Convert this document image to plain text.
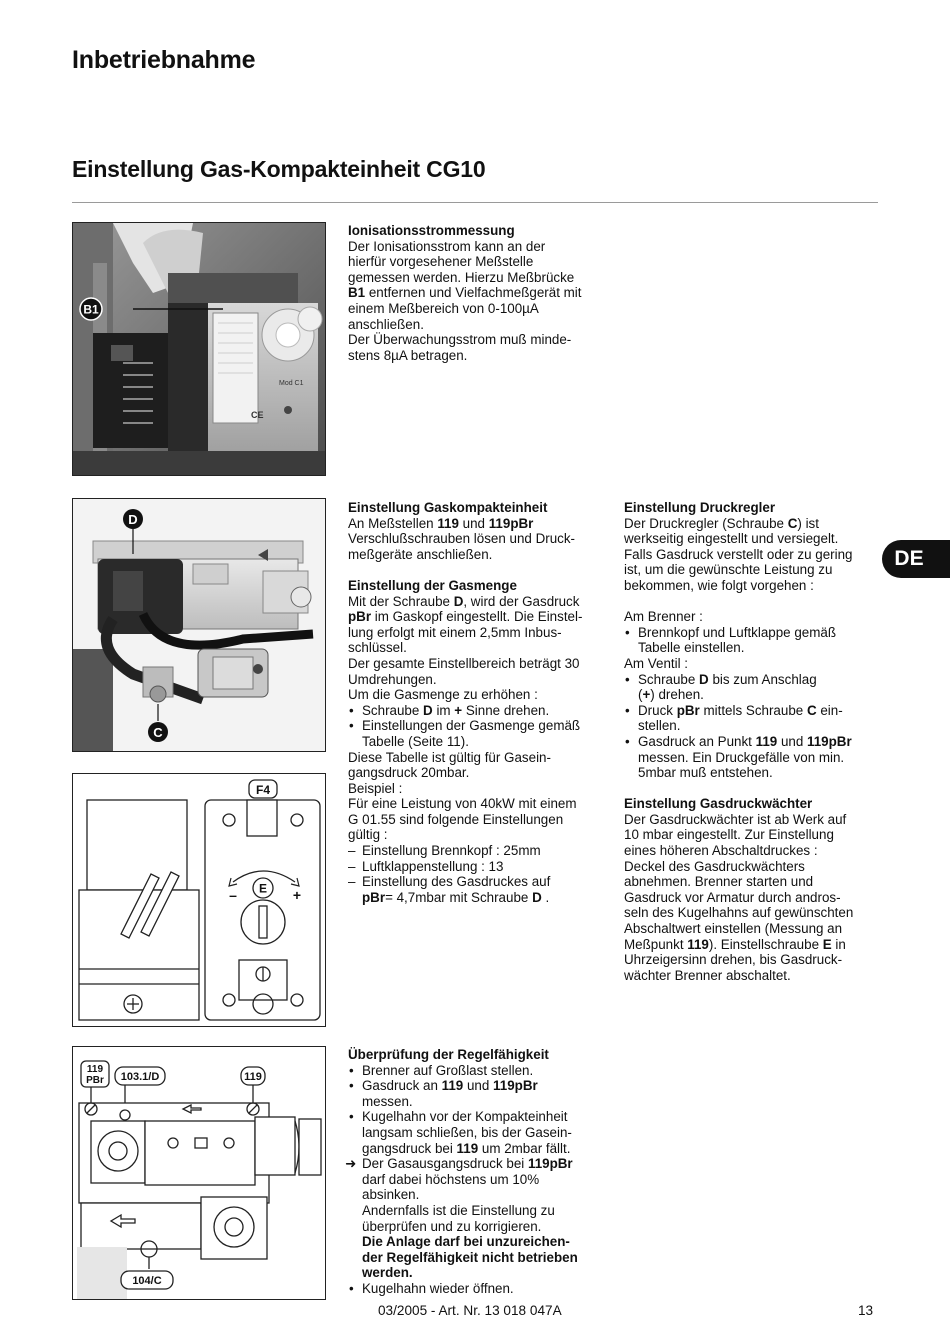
Inbetriebnahme
Einstellung Gas-Kompakteinheit CG10
Mod C1
CE
B1

Ionisationsstrommessung

Der Ionisationsstrom kann an der

hierfür vorgesehener Meßstelle

gemessen werden. Hierzu Meßbrücke

B1 entfernen und Vielfachmeßgerät mit

einem Meßbereich von 0-100µA

anschließen.

Der Überwachungsstrom muß minde-

stens 8µA betragen.

D
C
F4
E
–	+

Einstellung Gaskompakteinheit

An Meßstellen 119 und 119pBr

Verschlußschrauben lösen und Druck-

meßgeräte anschließen.

Einstellung der Gasmenge

Mit der Schraube D, wird der Gasdruck

pBr im Gaskopf eingestellt. Die Einstel-

lung erfolgt mit einem 2,5mm Inbus-

schlüssel.

Der gesamte Einstellbereich beträgt 30

Umdrehungen.

Um die Gasmenge zu erhöhen :

• Schraube D im + Sinne drehen.
• Einstellungen der Gasmenge gemäß
Tabelle (Seite 11).

Diese Tabelle ist gültig für Gasein-

gangsdruck 20mbar.

Beispiel :

Für eine Leistung von 40kW mit einem

G 01.55 sind folgende Einstellungen

gültig :

– Einstellung Brennkopf : 25mm
– Luftklappenstellung : 13
– Einstellung des Gasdruckes auf
pBr= 4,7mbar mit Schraube D .

Einstellung Druckregler

Der Druckregler (Schraube C) ist

werkseitig eingestellt und versiegelt.

Falls Gasdruck verstellt oder zu gering

ist, um die gewünschte Leistung zu

bekommen, wie folgt vorgehen :

Am Brenner :

• Brennkopf und Luftklappe gemäß
Tabelle einstellen.

Am Ventil :

• Schraube D bis zum Anschlag
(+) drehen.
• Druck pBr mittels Schraube C ein-
stellen.
• Gasdruck an Punkt 119 und 119pBr
messen. Ein Druckgefälle von min.
5mbar muß entstehen.

Einstellung Gasdruckwächter

Der Gasdruckwächter ist ab Werk auf

10 mbar eingestellt. Zur Einstellung

eines höheren Abschaltdruckes :

Deckel des Gasdruckwächters

abnehmen. Brenner starten und

Gasdruck vor Armatur durch andros-

seln des Kugelhahns auf gewünschten

Abschaltwert einstellen (Messung an

Meßpunkt 119). Einstellschraube E in

Uhrzeigersinn drehen, bis Gasdruck-

wächter Brenner abschaltet.

DE
119
PBr 103.1/D	119
104/C

Überprüfung der Regelfähigkeit

• Brenner auf Großlast stellen.
• Gasdruck an 119 und 119pBr
messen.
• Kugelhahn vor der Kompakteinheit
langsam schließen, bis der Gasein-
gangsdruck bei 119 um 2mbar fällt.
➜ Der Gasausgangsdruck bei 119pBr
darf dabei höchstens um 10%
absinken.
Andernfalls ist die Einstellung zu
überprüfen und zu korrigieren.
Die Anlage darf bei unzureichen-
der Regelfähigkeit nicht betrieben
werden.
• Kugelhahn wieder öffnen.
03/2005 - Art. Nr. 13 018 047A	13
